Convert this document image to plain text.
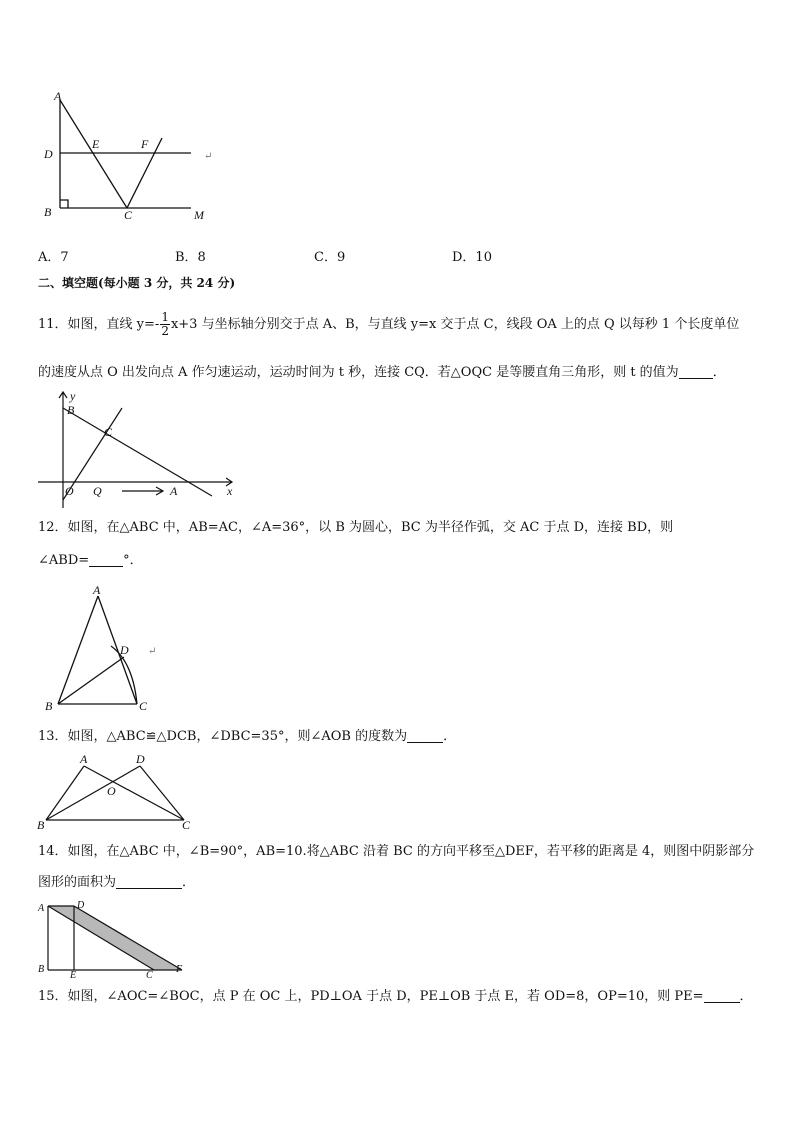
A
D
E	F
B	C	M
↵
A．7	B．8	C．9	D．10
二、填空题(每小题 3 分，共 24 分)
11．如图，直线 $y=- \frac{1}{2} x+3$ 与坐标轴分别交于点 A、B，与直线 y=x 交于点 C，线段 OA 上的点 Q 以每秒 1 个长度单位
的速度从点 O 出发向点 A 作匀速运动，运动时间为 t 秒，连接 CQ．若△OQC 是等腰直角三角形，则 t 的值为	．
y
x
B
C
O Q	A
12．如图，在△ABC 中，AB=AC，∠A=36°，以 B 为圆心，BC 为半径作弧，交 AC 于点 D，连接 BD，则
∠ABD=	°．
A
D
B	C
↵
13．如图，△ABC≌△DCB，∠DBC=35°，则∠AOB 的度数为	．
A	D
O
B	C
14．如图，在△ABC 中，∠B=90°，AB=10.将△ABC 沿着 BC 的方向平移至△DEF，若平移的距离是 4，则图中阴影部分
图形的面积为	．
A	D
B
E	C
F
15．如图，∠AOC=∠BOC，点 P 在 OC 上，PD⊥OA 于点 D，PE⊥OB 于点 E，若 OD=8，OP=10，则 PE=	．
